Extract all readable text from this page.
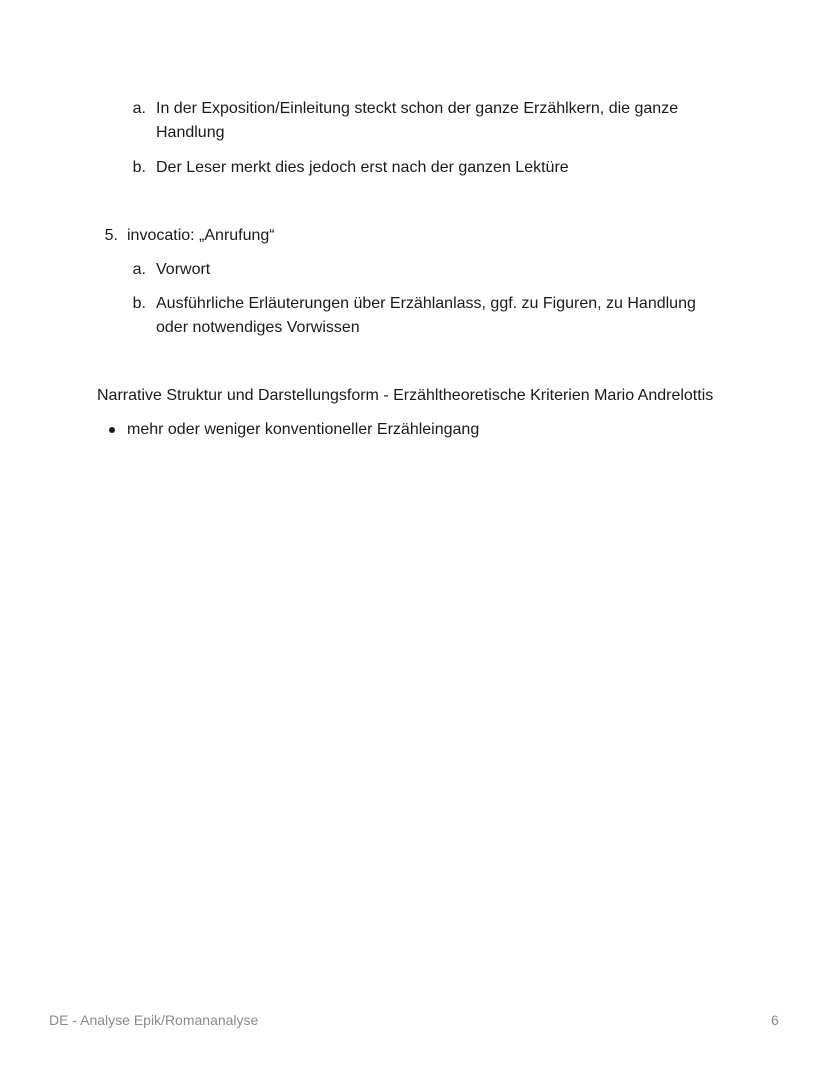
a. In der Exposition/Einleitung steckt schon der ganze Erzählkern, die ganze Handlung
b. Der Leser merkt dies jedoch erst nach der ganzen Lektüre
5. invocatio: „Anrufung“
a. Vorwort
b. Ausführliche Erläuterungen über Erzählanlass, ggf. zu Figuren, zu Handlung oder notwendiges Vorwissen
Narrative Struktur und Darstellungsform - Erzähltheoretische Kriterien Mario Andrelottis
mehr oder weniger konventioneller Erzähleingang
DE - Analyse Epik/Romananalyse	6
